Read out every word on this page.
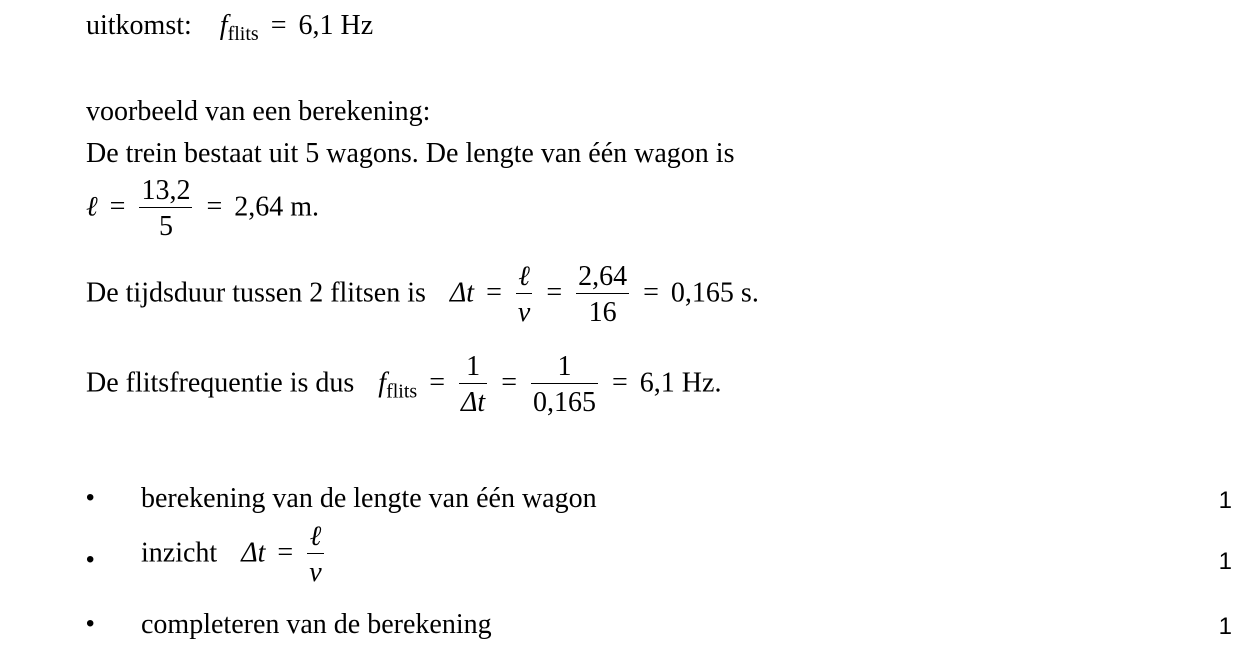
uitkomst: $f_{flits} = 6,1$ Hz
voorbeeld van een berekening:
De trein bestaat uit 5 wagons. De lengte van één wagon is
ℓ = $\frac{13,2}{5} = 2,64$ m.
De tijdsduur tussen 2 flitsen is $\Delta t = \frac{\text{ℓ}}{v} = \frac{2,64}{16} = 0,165$ s.
De flitsfrequentie is dus $f_{flits} = \frac{1}{\Delta t} = \frac{1}{0,165} = 6,1$ Hz.
• berekening van de lengte van één wagon	1
• inzicht $\Delta t = \frac{\text{ℓ}}{v}$	1
• completeren van de berekening	1
